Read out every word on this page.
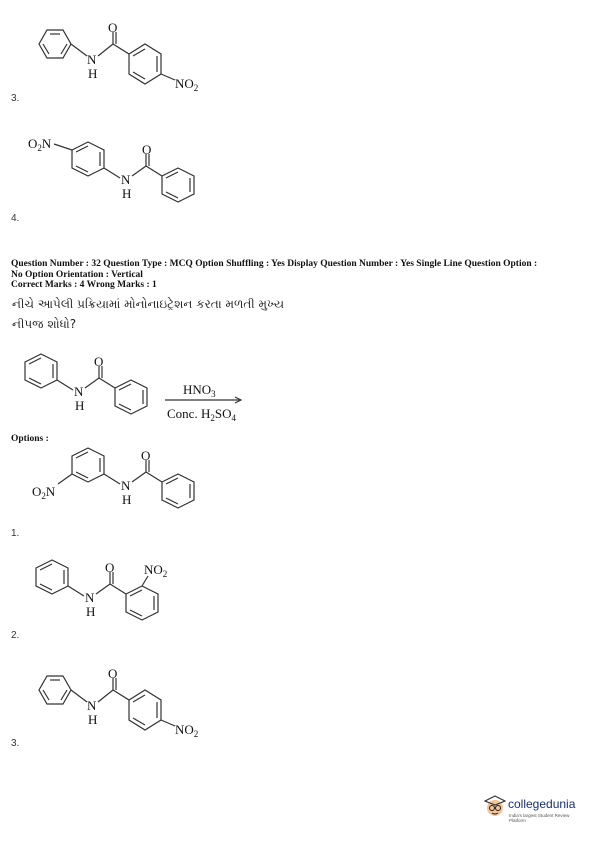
N
H
O
$NO_2$
3.
$O_2N$
N
H
O
4.
Question Number : 32 Question Type : MCQ Option Shuffling : Yes Display Question Number : Yes Single Line Question Option :
No Option Orientation : Vertical
Correct Marks : 4 Wrong Marks : 1
નીચે આપેલી પ્રક્રિયામાં મોનોનાઇટ્રેશન કરતા મળતી મુખ્ય
નીપજ શોધો?
N
H
O
$HNO_3$
Conc. $H_2SO_4$
Options :
$O_2N$	N
H
O
1.
N
H
O $NO_2$
2.
N
H
O
$NO_2$
3.
collegedunia
India's largest Student Review Platform
